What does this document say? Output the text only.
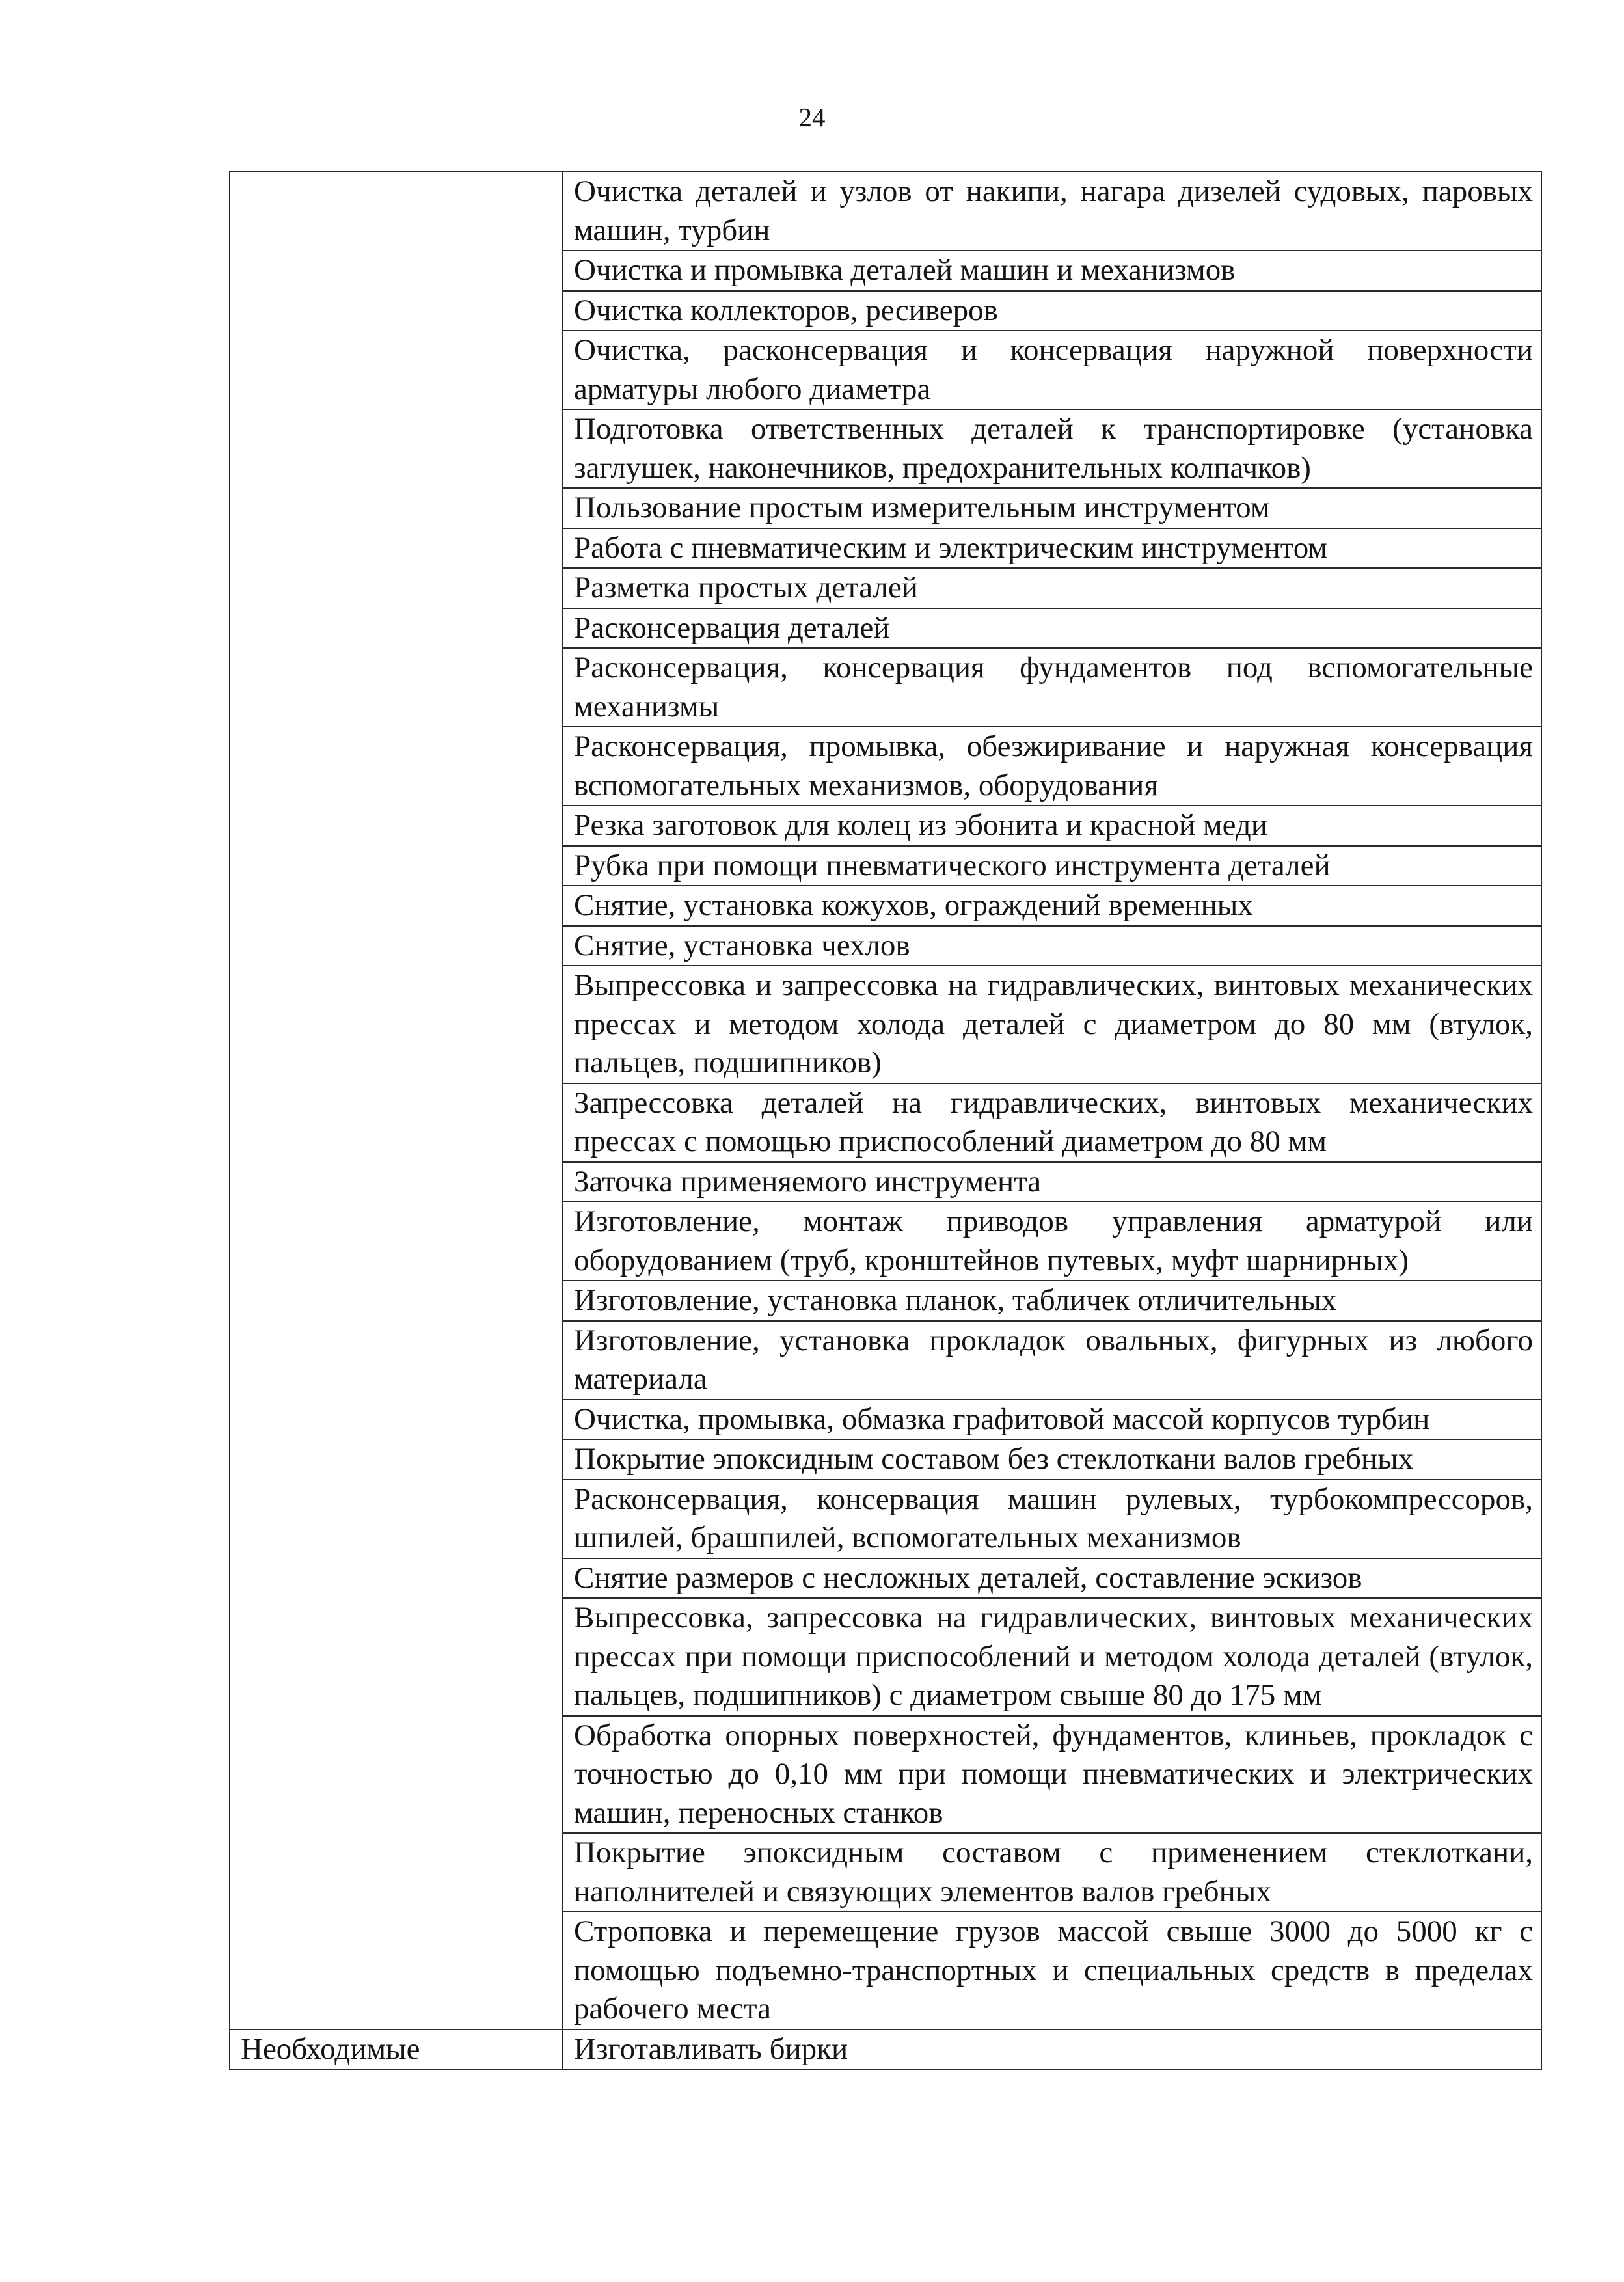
24
	Очистка деталей и узлов от накипи, нагара дизелей судовых, паровых машин, турбин
	Очистка и промывка деталей машин и механизмов
	Очистка коллекторов, ресиверов
	Очистка, расконсервация и консервация наружной поверхности арматуры любого диаметра
	Подготовка ответственных деталей к транспортировке (установка заглушек, наконечников, предохранительных колпачков)
	Пользование простым измерительным инструментом
	Работа с пневматическим и электрическим инструментом
	Разметка простых деталей
	Расконсервация деталей
	Расконсервация, консервация фундаментов под вспомогательные механизмы
	Расконсервация, промывка, обезжиривание и наружная консервация вспомогательных механизмов, оборудования
	Резка заготовок для колец из эбонита и красной меди
	Рубка при помощи пневматического инструмента деталей
	Снятие, установка кожухов, ограждений временных
	Снятие, установка чехлов
	Выпрессовка и запрессовка на гидравлических, винтовых механических прессах и методом холода деталей с диаметром до 80 мм (втулок, пальцев, подшипников)
	Запрессовка деталей на гидравлических, винтовых механических прессах с помощью приспособлений диаметром до 80 мм
	Заточка применяемого инструмента
	Изготовление, монтаж приводов управления арматурой или оборудованием (труб, кронштейнов путевых, муфт шарнирных)
	Изготовление, установка планок, табличек отличительных
	Изготовление, установка прокладок овальных, фигурных из любого материала
	Очистка, промывка, обмазка графитовой массой корпусов турбин
	Покрытие эпоксидным составом без стеклоткани валов гребных
	Расконсервация, консервация машин рулевых, турбокомпрессоров, шпилей, брашпилей, вспомогательных механизмов
	Снятие размеров с несложных деталей, составление эскизов
	Выпрессовка, запрессовка на гидравлических, винтовых механических прессах при помощи приспособлений и методом холода деталей (втулок, пальцев, подшипников) с диаметром свыше 80 до 175 мм
	Обработка опорных поверхностей, фундаментов, клиньев, прокладок с точностью до 0,10 мм при помощи пневматических и электрических машин, переносных станков
	Покрытие эпоксидным составом с применением стеклоткани, наполнителей и связующих элементов валов гребных
	Строповка и перемещение грузов массой свыше 3000 до 5000 кг с помощью подъемно-транспортных и специальных средств в пределах рабочего места
Необходимые	Изготавливать бирки
